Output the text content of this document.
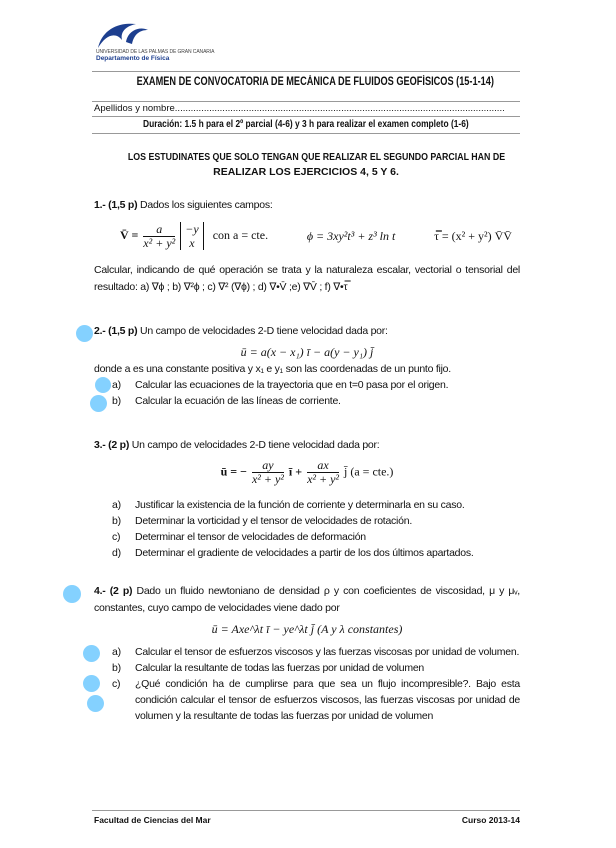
UNIVERSIDAD DE LAS PALMAS DE GRAN CANARIA
Departamento de Física
EXAMEN DE CONVOCATORIA DE MECÁNICA DE FLUIDOS GEOFÍSICOS (15-1-14)
Apellidos y nombre.............................................................................................................................
Duración: 1.5 h para el 2º parcial (4-6) y 3 h para realizar el examen completo (1-6)
LOS ESTUDINATES QUE SOLO TENGAN QUE REALIZAR EL SEGUNDO PARCIAL HAN DE
REALIZAR LOS EJERCICIOS 4, 5 Y 6.
1.- (1,5 p) Dados los siguientes campos:
V̄ = $\frac{a}{\text{x² + y²}}$
−y
x
con a = cte.	ϕ = 3xy²t³ + z³ ln t	τ̿ = (x² + y²) V̄V̄
Calcular, indicando de qué operación se trata y la naturaleza escalar, vectorial o tensorial del resultado: a) ∇ϕ ; b) ∇²ϕ ; c) ∇² (∇ϕ) ; d) ∇•V̄ ;e) ∇V̄ ; f) ∇•τ̿
2.- (1,5 p) Un campo de velocidades 2-D tiene velocidad dada por:
ū = a(x − x₁) ī − a(y − y₁) j̄
donde a es una constante positiva y x₁ e y₁ son las coordenadas de un punto fijo.
a) Calcular las ecuaciones de la trayectoria que en t=0 pasa por el origen.
b) Calcular la ecuación de las líneas de corriente.
3.- (2 p) Un campo de velocidades 2-D tiene velocidad dada por:
ū = − $\frac{ay}{\text{x² + y²}}$ ī + $\frac{ax}{\text{x² + y²}}$ j̄ (a = cte.)
a) Justificar la existencia de la función de corriente y determinarla en su caso.
b) Determinar la vorticidad y el tensor de velocidades de rotación.
c) Determinar el tensor de velocidades de deformación
d) Determinar el gradiente de velocidades a partir de los dos últimos apartados.
4.- (2 p) Dado un fluido newtoniano de densidad ρ y con coeficientes de viscosidad, μ y μᵥ, constantes, cuyo campo de velocidades viene dado por
ū = Axe^λt ī − ye^λt j̄ (A y λ constantes)
a) Calcular el tensor de esfuerzos viscosos y las fuerzas viscosas por unidad de volumen.
b) Calcular la resultante de todas las fuerzas por unidad de volumen
c) ¿Qué condición ha de cumplirse para que sea un flujo incompresible?. Bajo esta condición calcular el tensor de esfuerzos viscosos, las fuerzas viscosas por unidad de volumen y la resultante de todas las fuerzas por unidad de volumen
Facultad de Ciencias del Mar	Curso 2013-14
